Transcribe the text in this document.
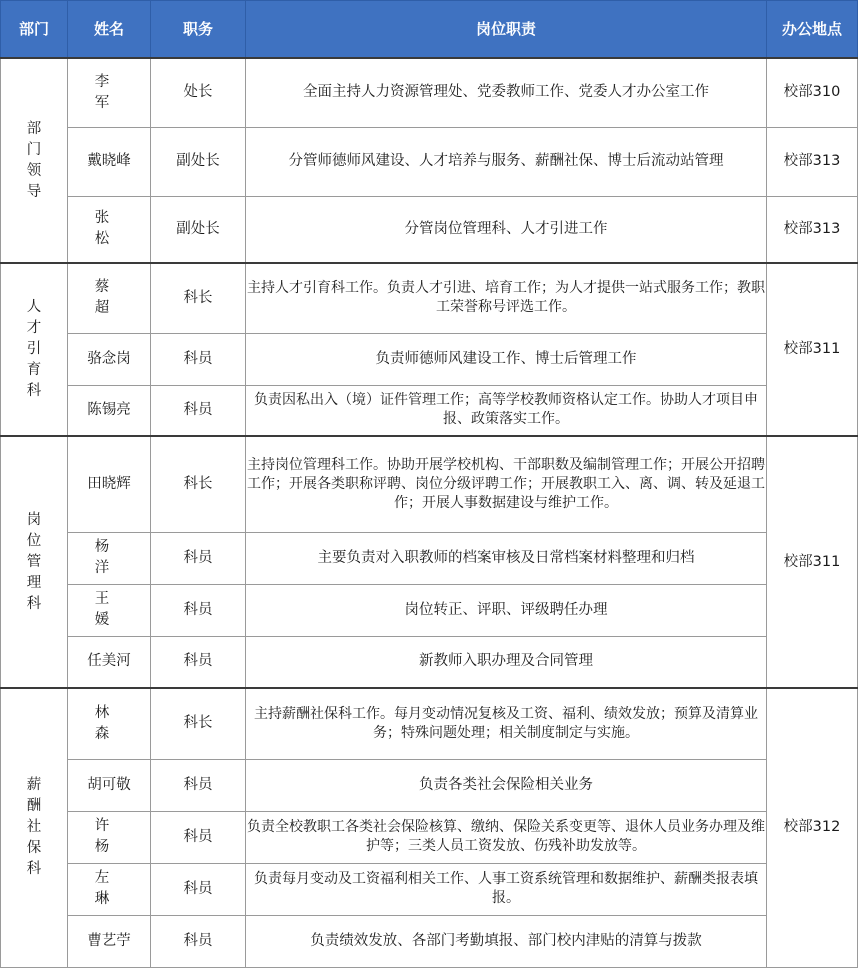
部门	姓名	职务	岗位职责	办公地点
部门领导	李　军	处长	全面主持人力资源管理处、党委教师工作、党委人才办公室工作	校部310
	戴晓峰	副处长	分管师德师风建设、人才培养与服务、薪酬社保、博士后流动站管理	校部313
	张　松	副处长	分管岗位管理科、人才引进工作	校部313
人才引育科	蔡　超	科长	主持人才引育科工作。负责人才引进、培育工作；为人才提供一站式服务工作；教职工荣誉称号评选工作。	校部311
	骆念岗	科员	负责师德师风建设工作、博士后管理工作	
	陈锡亮	科员	负责因私出入（境）证件管理工作；高等学校教师资格认定工作。协助人才项目申报、政策落实工作。	
岗位管理科	田晓辉	科长	主持岗位管理科工作。协助开展学校机构、干部职数及编制管理工作；开展公开招聘工作；开展各类职称评聘、岗位分级评聘工作；开展教职工入、离、调、转及延退工作；开展人事数据建设与维护工作。	校部311
	杨　洋	科员	主要负责对入职教师的档案审核及日常档案材料整理和归档	
	王　媛	科员	岗位转正、评职、评级聘任办理	
	任美河	科员	新教师入职办理及合同管理	
薪酬社保科	林　森	科长	主持薪酬社保科工作。每月变动情况复核及工资、福利、绩效发放；预算及清算业务；特殊问题处理；相关制度制定与实施。	校部312
	胡可敬	科员	负责各类社会保险相关业务	
	许　杨	科员	负责全校教职工各类社会保险核算、缴纳、保险关系变更等、退休人员业务办理及维护等；三类人员工资发放、伤残补助发放等。	
	左　琳	科员	负责每月变动及工资福利相关工作、人事工资系统管理和数据维护、薪酬类报表填报。	
	曹艺苧	科员	负责绩效发放、各部门考勤填报、部门校内津贴的清算与拨款	
